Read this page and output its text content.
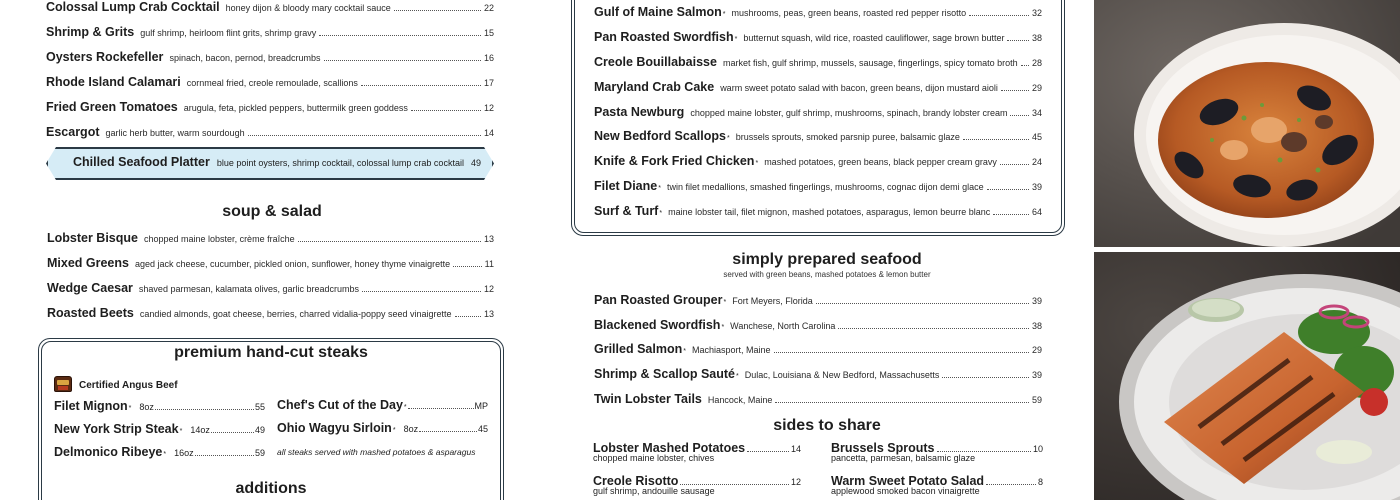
Colossal Lump Crab Cocktail honey dijon & bloody mary cocktail sauce	22
Shrimp & Grits gulf shrimp, heirloom flint grits, shrimp gravy	15
Oysters Rockefeller spinach, bacon, pernod, breadcrumbs	16
Rhode Island Calamari cornmeal fried, creole remoulade, scallions	17
Fried Green Tomatoes arugula, feta, pickled peppers, buttermilk green goddess	12
Escargot garlic herb butter, warm sourdough	14
Chilled Seafood Platter blue point oysters, shrimp cocktail, colossal lump crab cocktail 49
soup & salad
Lobster Bisque chopped maine lobster, crème fraîche	13
Mixed Greens aged jack cheese, cucumber, pickled onion, sunflower, honey thyme vinaigrette	11
Wedge Caesar shaved parmesan, kalamata olives, garlic breadcrumbs	12
Roasted Beets candied almonds, goat cheese, berries, charred vidalia-poppy seed vinaigrette	13
premium hand-cut steaks
Certified Angus Beef
Filet Mignon * 8oz	55
New York Strip Steak * 14oz	49
Delmonico Ribeye * 16oz	59
Chef's Cut of the Day *	MP
Ohio Wagyu Sirloin * 8oz	45
all steaks served with mashed potatoes & asparagus
additions
Gulf of Maine Salmon * mushrooms, peas, green beans, roasted red pepper risotto	32
Pan Roasted Swordfish * butternut squash, wild rice, roasted cauliflower, sage brown butter	38
Creole Bouillabaisse market fish, gulf shrimp, mussels, sausage, fingerlings, spicy tomato broth 28
Maryland Crab Cake warm sweet potato salad with bacon, green beans, dijon mustard aioli	29
Pasta Newburg chopped maine lobster, gulf shrimp, mushrooms, spinach, brandy lobster cream	34
New Bedford Scallops * brussels sprouts, smoked parsnip puree, balsamic glaze	45
Knife & Fork Fried Chicken * mashed potatoes, green beans, black pepper cream gravy	24
Filet Diane * twin filet medallions, smashed fingerlings, mushrooms, cognac dijon demi glace	39
Surf & Turf * maine lobster tail, filet mignon, mashed potatoes, asparagus, lemon beurre blanc	64
simply prepared seafood
served with green beans, mashed potatoes & lemon butter
Pan Roasted Grouper * Fort Meyers, Florida	39
Blackened Swordfish * Wanchese, North Carolina	38
Grilled Salmon * Machiasport, Maine	29
Shrimp & Scallop Sauté * Dulac, Louisiana & New Bedford, Massachusetts	39
Twin Lobster Tails Hancock, Maine	59
sides to share
Lobster Mashed Potatoes	14
chopped maine lobster, chives
Brussels Sprouts	10
pancetta, parmesan, balsamic glaze
Creole Risotto	12
gulf shrimp, andouille sausage
Warm Sweet Potato Salad	8
applewood smoked bacon vinaigrette
